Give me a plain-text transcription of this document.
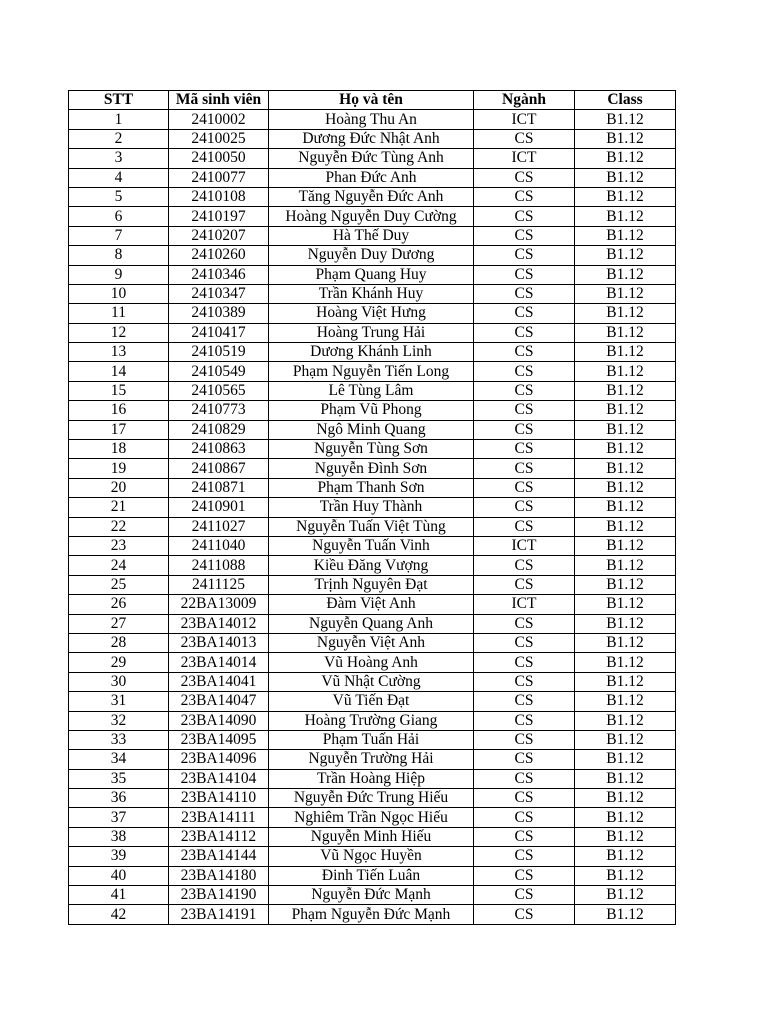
STT	Mã sinh viên	Họ và tên	Ngành	Class
1	2410002	Hoàng Thu An	ICT	B1.12
2	2410025	Dương Đức Nhật Anh	CS	B1.12
3	2410050	Nguyễn Đức Tùng Anh	ICT	B1.12
4	2410077	Phan Đức Anh	CS	B1.12
5	2410108	Tăng Nguyễn Đức Anh	CS	B1.12
6	2410197	Hoàng Nguyễn Duy Cường	CS	B1.12
7	2410207	Hà Thế Duy	CS	B1.12
8	2410260	Nguyễn Duy Dương	CS	B1.12
9	2410346	Phạm Quang Huy	CS	B1.12
10	2410347	Trần Khánh Huy	CS	B1.12
11	2410389	Hoàng Việt Hưng	CS	B1.12
12	2410417	Hoàng Trung Hải	CS	B1.12
13	2410519	Dương Khánh Linh	CS	B1.12
14	2410549	Phạm Nguyễn Tiến Long	CS	B1.12
15	2410565	Lê Tùng Lâm	CS	B1.12
16	2410773	Phạm Vũ Phong	CS	B1.12
17	2410829	Ngô Minh Quang	CS	B1.12
18	2410863	Nguyễn Tùng Sơn	CS	B1.12
19	2410867	Nguyễn Đình Sơn	CS	B1.12
20	2410871	Phạm Thanh Sơn	CS	B1.12
21	2410901	Trần Huy Thành	CS	B1.12
22	2411027	Nguyễn Tuấn Việt Tùng	CS	B1.12
23	2411040	Nguyễn Tuấn Vinh	ICT	B1.12
24	2411088	Kiều Đăng Vượng	CS	B1.12
25	2411125	Trịnh Nguyên Đạt	CS	B1.12
26	22BA13009	Đàm Việt Anh	ICT	B1.12
27	23BA14012	Nguyễn Quang Anh	CS	B1.12
28	23BA14013	Nguyễn Việt Anh	CS	B1.12
29	23BA14014	Vũ Hoàng Anh	CS	B1.12
30	23BA14041	Vũ Nhật Cường	CS	B1.12
31	23BA14047	Vũ Tiến Đạt	CS	B1.12
32	23BA14090	Hoàng Trường Giang	CS	B1.12
33	23BA14095	Phạm Tuấn Hải	CS	B1.12
34	23BA14096	Nguyễn Trường Hải	CS	B1.12
35	23BA14104	Trần Hoàng Hiệp	CS	B1.12
36	23BA14110	Nguyễn Đức Trung Hiếu	CS	B1.12
37	23BA14111	Nghiêm Trần Ngọc Hiếu	CS	B1.12
38	23BA14112	Nguyễn Minh Hiếu	CS	B1.12
39	23BA14144	Vũ Ngọc Huyền	CS	B1.12
40	23BA14180	Đinh Tiến Luân	CS	B1.12
41	23BA14190	Nguyễn Đức Mạnh	CS	B1.12
42	23BA14191	Phạm Nguyễn Đức Mạnh	CS	B1.12
